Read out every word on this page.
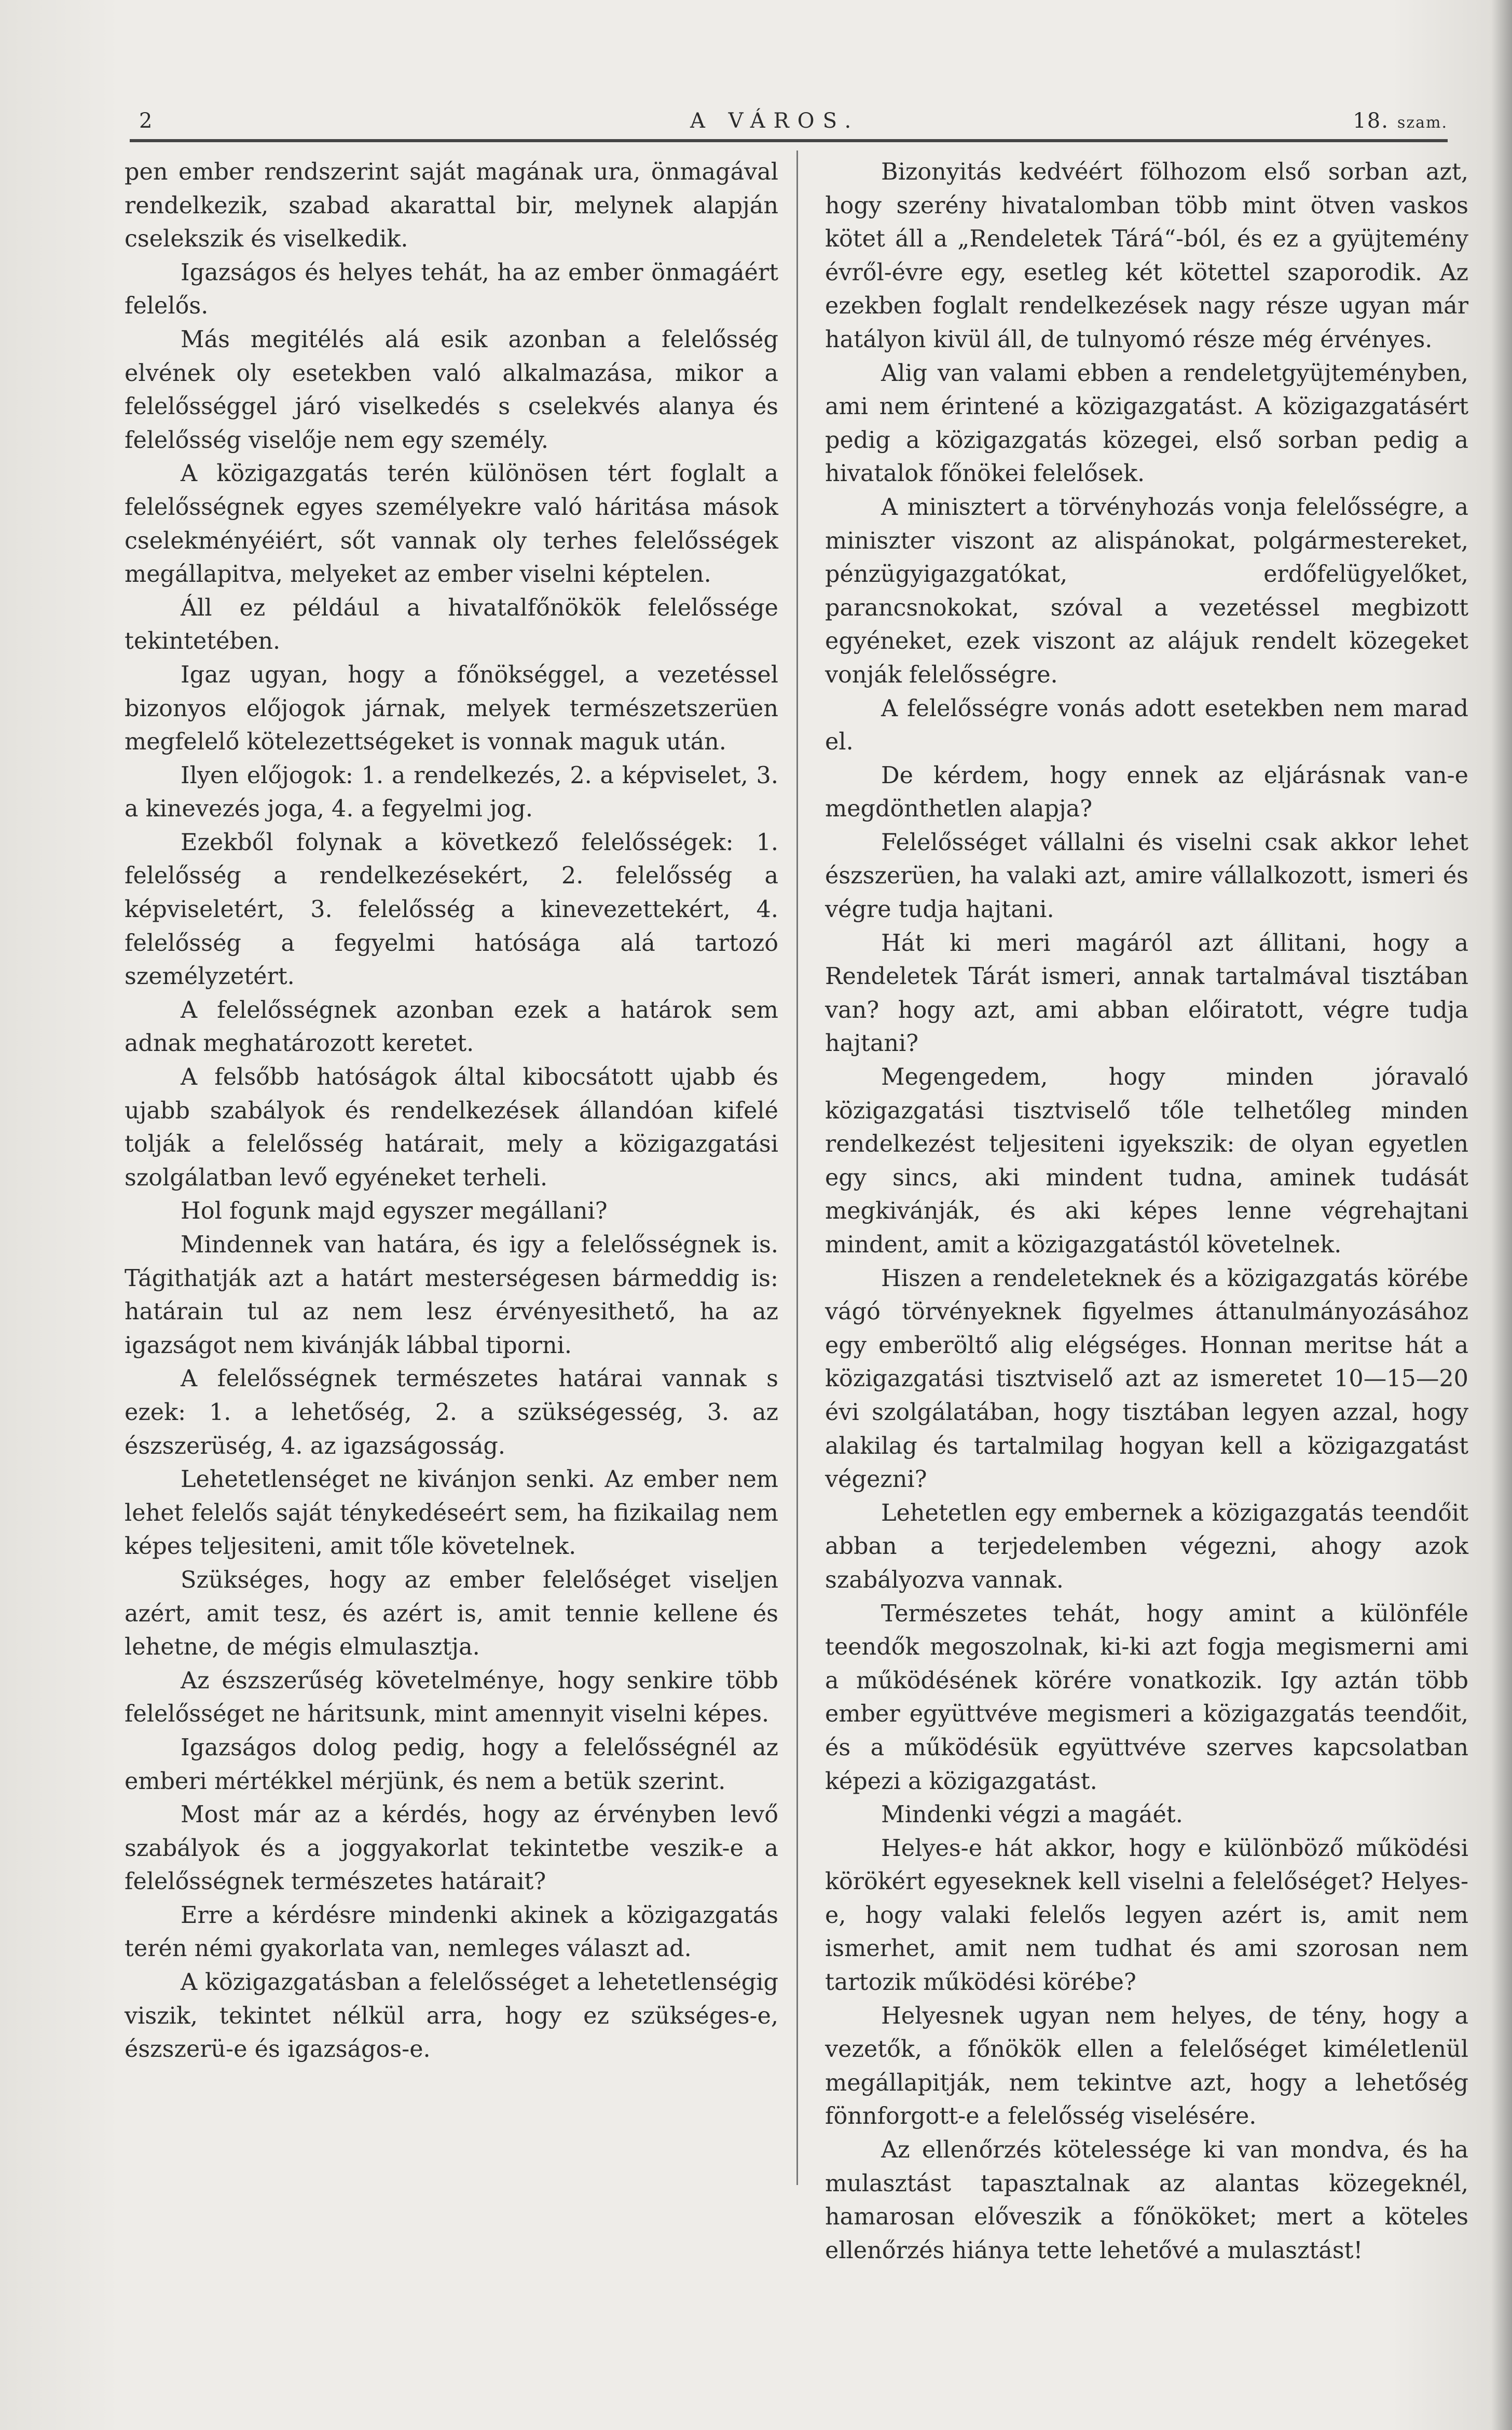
2	A VÁROS.	18. szam.

pen ember rendszerint saját magának ura, önmagával rendelkezik, szabad akarattal bir, melynek alapján cselekszik és viselkedik.

Igazságos és helyes tehát, ha az ember önmagáért felelős.

Más megitélés alá esik azonban a felelősség elvének oly esetekben való alkalmazása, mikor a felelősséggel járó viselkedés s cselekvés alanya és felelősség viselője nem egy személy.

A közigazgatás terén különösen tért foglalt a felelősségnek egyes személyekre való háritása mások cselekményéiért, sőt vannak oly terhes felelősségek megállapitva, melyeket az ember viselni képtelen.

Áll ez például a hivatalfőnökök felelőssége tekintetében.

Igaz ugyan, hogy a főnökséggel, a vezetéssel bizonyos előjogok járnak, melyek természetszerüen megfelelő kötelezettségeket is vonnak maguk után.

Ilyen előjogok: 1. a rendelkezés, 2. a képviselet, 3. a kinevezés joga, 4. a fegyelmi jog.

Ezekből folynak a következő felelősségek: 1. felelősség a rendelkezésekért, 2. felelősség a képviseletért, 3. felelősség a kinevezettekért, 4. felelősség a fegyelmi hatósága alá tartozó személyzetért.

A felelősségnek azonban ezek a határok sem adnak meghatározott keretet.

A felsőbb hatóságok által kibocsátott ujabb és ujabb szabályok és rendelkezések állandóan kifelé tolják a felelősség határait, mely a közigazgatási szolgálatban levő egyéneket terheli.

Hol fogunk majd egyszer megállani?

Mindennek van határa, és igy a felelősségnek is. Tágithatják azt a határt mesterségesen bármeddig is: határain tul az nem lesz érvényesithető, ha az igazságot nem kivánják lábbal tiporni.

A felelősségnek természetes határai vannak s ezek: 1. a lehetőség, 2. a szükségesség, 3. az észszerüség, 4. az igazságosság.

Lehetetlenséget ne kivánjon senki. Az ember nem lehet felelős saját ténykedéseért sem, ha fizikailag nem képes teljesiteni, amit tőle követelnek.

Szükséges, hogy az ember felelőséget viseljen azért, amit tesz, és azért is, amit tennie kellene és lehetne, de mégis elmulasztja.

Az észszerűség követelménye, hogy senkire több felelősséget ne háritsunk, mint amennyit viselni képes.

Igazságos dolog pedig, hogy a felelősségnél az emberi mértékkel mérjünk, és nem a betük szerint.

Most már az a kérdés, hogy az érvényben levő szabályok és a joggyakorlat tekintetbe veszik-e a felelősségnek természetes határait?

Erre a kérdésre mindenki akinek a közigazgatás terén némi gyakorlata van, nemleges választ ad.

A közigazgatásban a felelősséget a lehetetlenségig viszik, tekintet nélkül arra, hogy ez szükséges-e, észszerü-e és igazságos-e.

Bizonyitás kedvéért fölhozom első sorban azt, hogy szerény hivatalomban több mint ötven vaskos kötet áll a „Rendeletek Tárá“-ból, és ez a gyüjtemény évről-évre egy, esetleg két kötettel szaporodik. Az ezekben foglalt rendelkezések nagy része ugyan már hatályon kivül áll, de tulnyomó része még érvényes.

Alig van valami ebben a rendeletgyüjteményben, ami nem érintené a közigazgatást. A közigazgatásért pedig a közigazgatás közegei, első sorban pedig a hivatalok főnökei felelősek.

A minisztert a törvényhozás vonja felelősségre, a miniszter viszont az alispánokat, polgármestereket, pénzügyigazgatókat, erdőfelügyelőket, parancsnokokat, szóval a vezetéssel megbizott egyéneket, ezek viszont az alájuk rendelt közegeket vonják felelősségre.

A felelősségre vonás adott esetekben nem marad el.

De kérdem, hogy ennek az eljárásnak van-e megdönthetlen alapja?

Felelősséget vállalni és viselni csak akkor lehet észszerüen, ha valaki azt, amire vállalkozott, ismeri és végre tudja hajtani.

Hát ki meri magáról azt állitani, hogy a Rendeletek Tárát ismeri, annak tartalmával tisztában van? hogy azt, ami abban előiratott, végre tudja hajtani?

Megengedem, hogy minden jóravaló közigazgatási tisztviselő tőle telhetőleg minden rendelkezést teljesiteni igyekszik: de olyan egyetlen egy sincs, aki mindent tudna, aminek tudását megkivánják, és aki képes lenne végrehajtani mindent, amit a közigazgatástól követelnek.

Hiszen a rendeleteknek és a közigazgatás körébe vágó törvényeknek figyelmes áttanulmányozásához egy emberöltő alig elégséges. Honnan meritse hát a közigazgatási tisztviselő azt az ismeretet 10—15—20 évi szolgálatában, hogy tisztában legyen azzal, hogy alakilag és tartalmilag hogyan kell a közigazgatást végezni?

Lehetetlen egy embernek a közigazgatás teendőit abban a terjedelemben végezni, ahogy azok szabályozva vannak.

Természetes tehát, hogy amint a különféle teendők megoszolnak, ki-ki azt fogja megismerni ami a működésének körére vonatkozik. Igy aztán több ember együttvéve megismeri a közigazgatás teendőit, és a működésük együttvéve szerves kapcsolatban képezi a közigazgatást.

Mindenki végzi a magáét.

Helyes-e hát akkor, hogy e különböző működési körökért egyeseknek kell viselni a felelőséget? Helyes-e, hogy valaki felelős legyen azért is, amit nem ismerhet, amit nem tudhat és ami szorosan nem tartozik működési körébe?

Helyesnek ugyan nem helyes, de tény, hogy a vezetők, a főnökök ellen a felelőséget kiméletlenül megállapitják, nem tekintve azt, hogy a lehetőség fönnforgott-e a felelősség viselésére.

Az ellenőrzés kötelessége ki van mondva, és ha mulasztást tapasztalnak az alantas közegeknél, hamarosan előveszik a főnököket; mert a köteles ellenőrzés hiánya tette lehetővé a mulasztást!
